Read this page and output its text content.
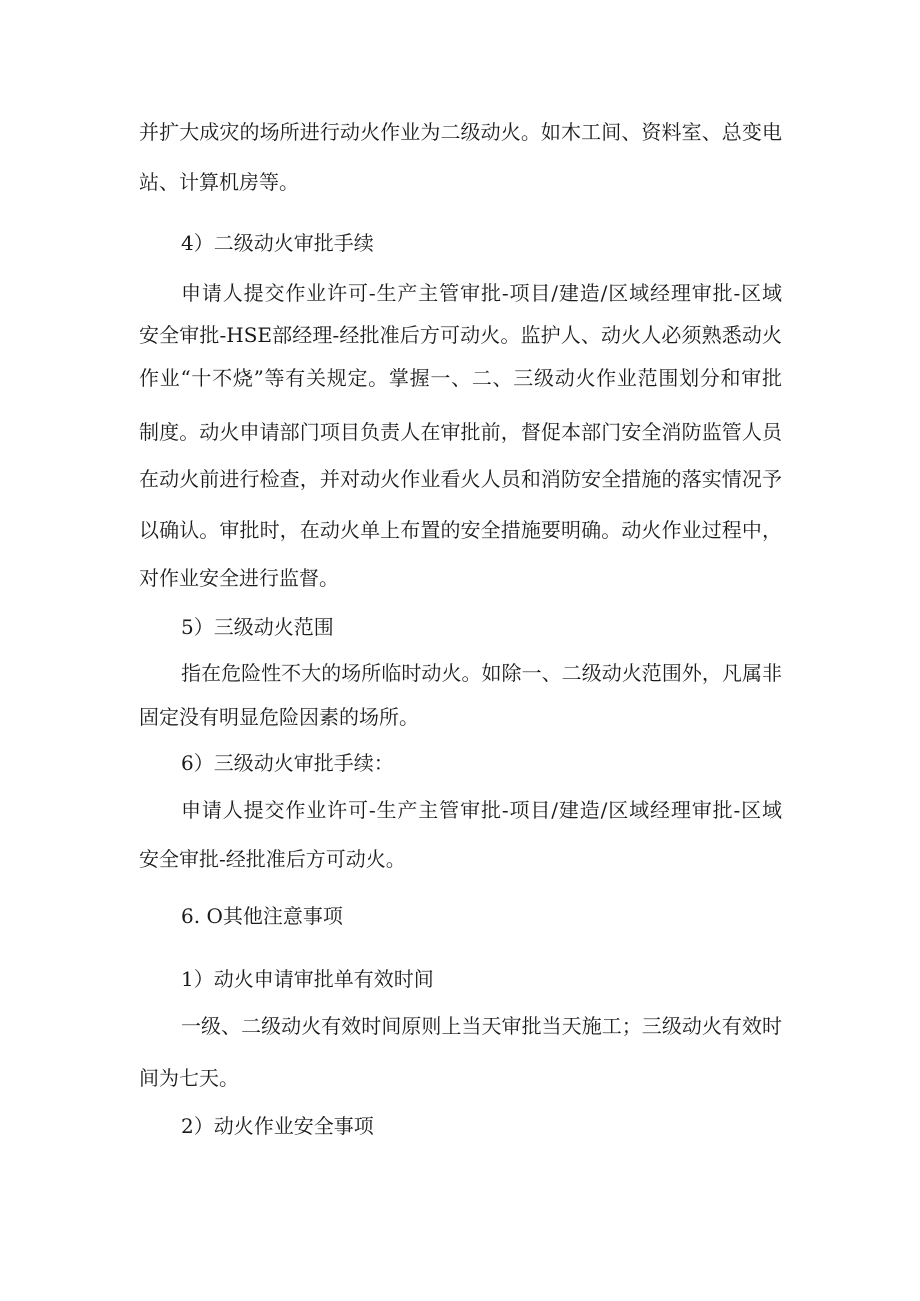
并扩大成灾的场所进行动火作业为二级动火。如木工间、资料室、总变电
站、计算机房等。
4）二级动火审批手续
申请人提交作业许可-生产主管审批-项目/建造/区域经理审批-区域
安全审批-HSE部经理-经批准后方可动火。监护人、动火人必须熟悉动火
作业“十不烧”等有关规定。掌握一、二、三级动火作业范围划分和审批
制度。动火申请部门项目负责人在审批前，督促本部门安全消防监管人员
在动火前进行检查，并对动火作业看火人员和消防安全措施的落实情况予
以确认。审批时，在动火单上布置的安全措施要明确。动火作业过程中，
对作业安全进行监督。
5）三级动火范围
指在危险性不大的场所临时动火。如除一、二级动火范围外，凡属非
固定没有明显危险因素的场所。
6）三级动火审批手续：
申请人提交作业许可-生产主管审批-项目/建造/区域经理审批-区域
安全审批-经批准后方可动火。
6. O其他注意事项
1）动火申请审批单有效时间
一级、二级动火有效时间原则上当天审批当天施工；三级动火有效时
间为七天。
2）动火作业安全事项
